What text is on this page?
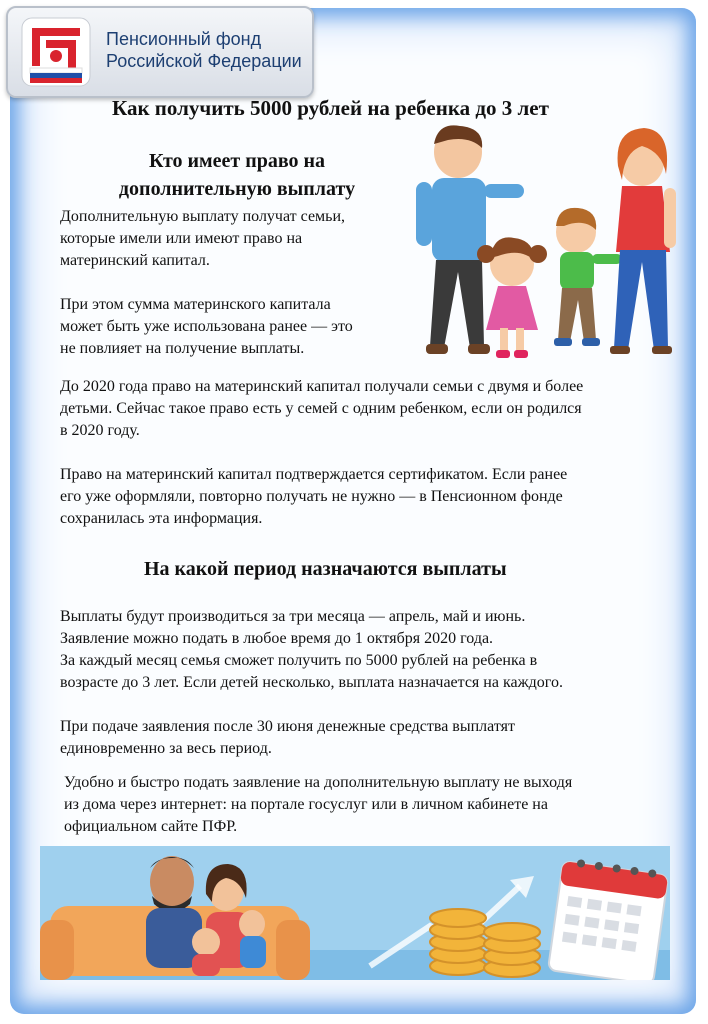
Пенсионный фонд
Российской Федерации
Как получить 5000 рублей на ребенка до 3 лет
Кто имеет право на
дополнительную выплату
Дополнительную выплату получат семьи,
которые имели или имеют право на
материнский капитал.
При этом сумма материнского капитала
может быть уже использована ранее — это
не повлияет на получение выплаты.
До 2020 года право на материнский капитал получали семьи с двумя и более
детьми. Сейчас такое право есть у семей с одним ребенком, если он родился
в 2020 году.
Право на материнский капитал подтверждается сертификатом. Если ранее
его уже оформляли, повторно получать не нужно — в Пенсионном фонде
сохранилась эта информация.
На какой период назначаются выплаты
Выплаты будут производиться за три месяца — апрель, май и июнь.
Заявление можно подать в любое время до 1 октября 2020 года.
За каждый месяц семья сможет получить по 5000 рублей на ребенка в
возрасте до 3 лет. Если детей несколько, выплата назначается на каждого.
При подаче заявления после 30 июня денежные средства выплатят
единовременно за весь период.
Удобно и быстро подать заявление на дополнительную выплату не выходя
из дома через интернет: на портале госуслуг или в личном кабинете на
официальном сайте ПФР.
